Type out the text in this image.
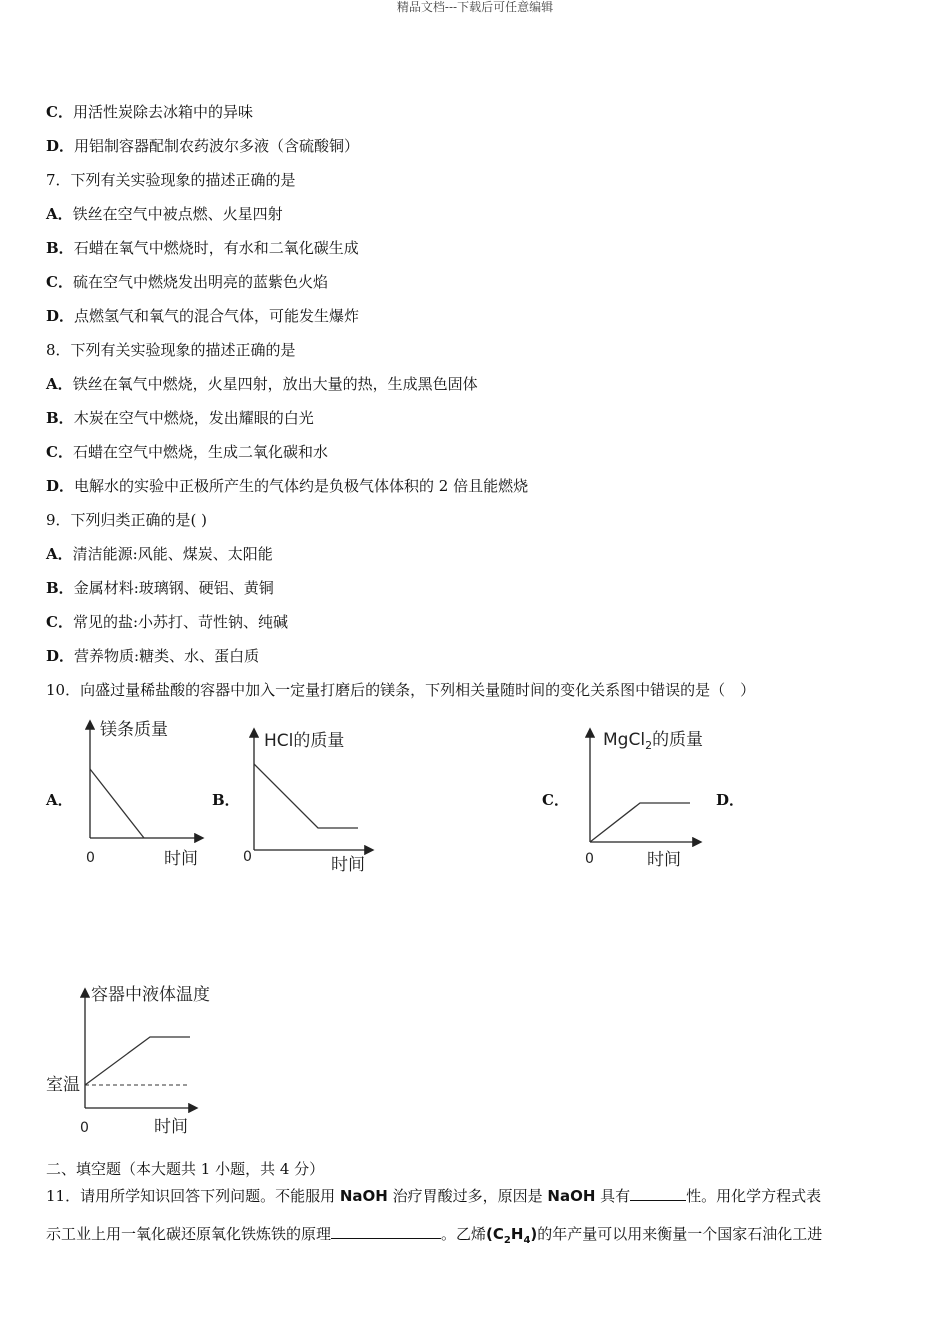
精品文档---下载后可任意编辑
C．用活性炭除去冰箱中的异味
D．用铝制容器配制农药波尔多液（含硫酸铜）
7．下列有关实验现象的描述正确的是
A．铁丝在空气中被点燃、火星四射
B．石蜡在氧气中燃烧时，有水和二氧化碳生成
C．硫在空气中燃烧发出明亮的蓝紫色火焰
D．点燃氢气和氧气的混合气体，可能发生爆炸
8．下列有关实验现象的描述正确的是
A．铁丝在氧气中燃烧，火星四射，放出大量的热，生成黑色固体
B．木炭在空气中燃烧，发出耀眼的白光
C．石蜡在空气中燃烧，生成二氧化碳和水
D．电解水的实验中正极所产生的气体约是负极气体体积的 2 倍且能燃烧
9．下列归类正确的是( )
A．清洁能源:风能、煤炭、太阳能
B．金属材料:玻璃钢、硬铝、黄铜
C．常见的盐:小苏打、苛性钠、纯碱
D．营养物质:糖类、水、蛋白质
10．向盛过量稀盐酸的容器中加入一定量打磨后的镁条，下列相关量随时间的变化关系图中错误的是（　）
A．	B．	C．	D．
镁条质量
0	时间
HCl的质量
0	时间
MgCl$_2$的质量
0	时间
容器中液体温度
室温
0	时间
二、填空题（本大题共 1 小题，共 4 分）
11．请用所学知识回答下列问题。不能服用 NaOH 治疗胃酸过多，原因是 NaOH 具有	性。用化学方程式表
示工业上用一氧化碳还原氧化铁炼铁的原理	。乙烯$(C_2H_4)$的年产量可以用来衡量一个国家石油化工进
